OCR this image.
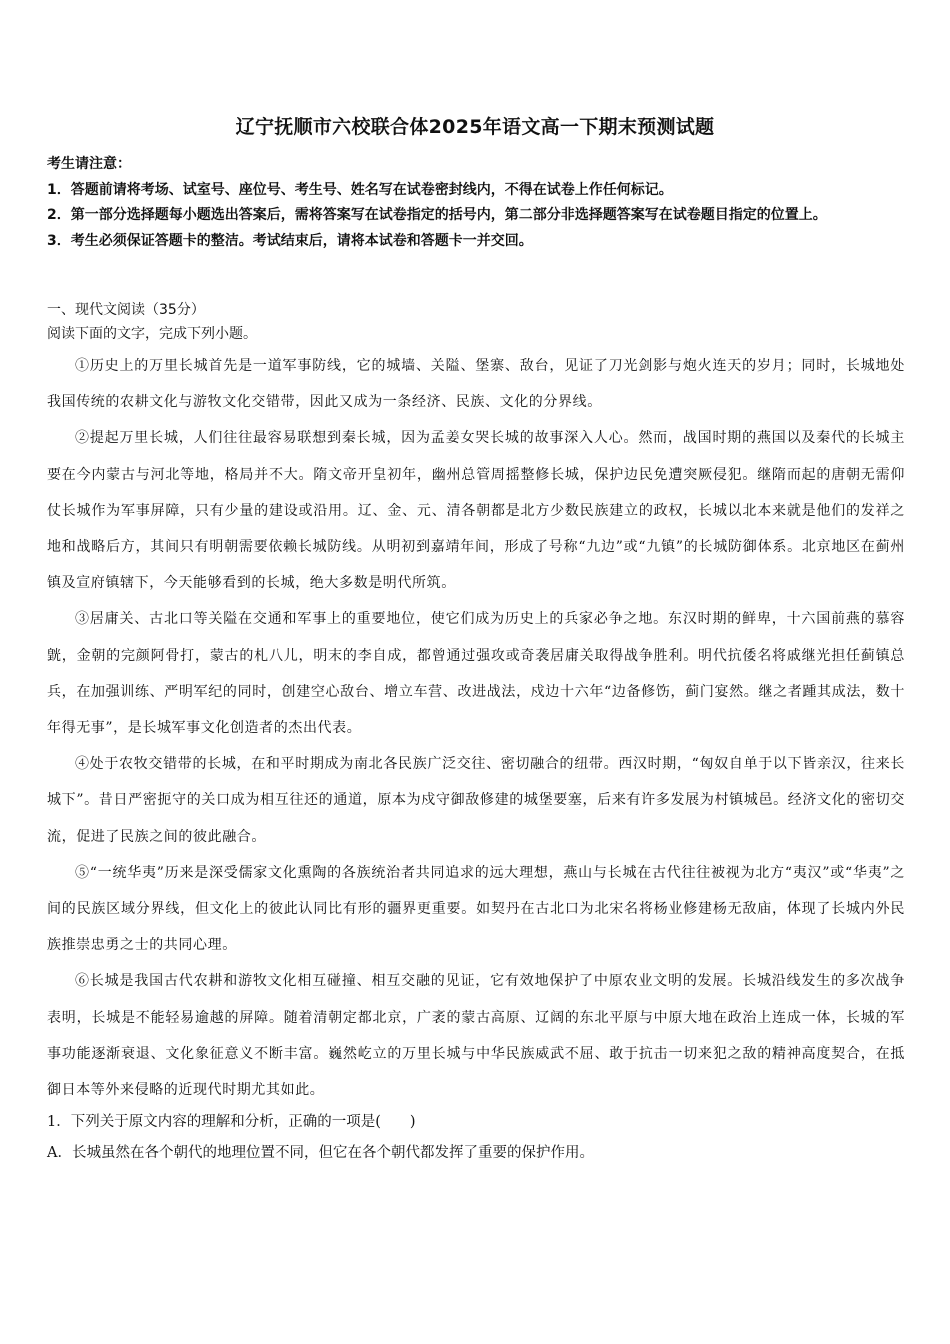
辽宁抚顺市六校联合体2025年语文高一下期末预测试题

考生请注意：

1．答题前请将考场、试室号、座位号、考生号、姓名写在试卷密封线内，不得在试卷上作任何标记。

2．第一部分选择题每小题选出答案后，需将答案写在试卷指定的括号内，第二部分非选择题答案写在试卷题目指定的位置上。

3．考生必须保证答题卡的整洁。考试结束后，请将本试卷和答题卡一并交回。

一、现代文阅读（35分）

阅读下面的文字，完成下列小题。

①历史上的万里长城首先是一道军事防线，它的城墙、关隘、堡寨、敌台，见证了刀光剑影与炮火连天的岁月；同时，长城地处我国传统的农耕文化与游牧文化交错带，因此又成为一条经济、民族、文化的分界线。

②提起万里长城，人们往往最容易联想到秦长城，因为孟姜女哭长城的故事深入人心。然而，战国时期的燕国以及秦代的长城主要在今内蒙古与河北等地，格局并不大。隋文帝开皇初年，幽州总管周摇整修长城，保护边民免遭突厥侵犯。继隋而起的唐朝无需仰仗长城作为军事屏障，只有少量的建设或沿用。辽、金、元、清各朝都是北方少数民族建立的政权，长城以北本来就是他们的发祥之地和战略后方，其间只有明朝需要依赖长城防线。从明初到嘉靖年间，形成了号称“九边”或“九镇”的长城防御体系。北京地区在蓟州镇及宣府镇辖下，今天能够看到的长城，绝大多数是明代所筑。

③居庸关、古北口等关隘在交通和军事上的重要地位，使它们成为历史上的兵家必争之地。东汉时期的鲜卑，十六国前燕的慕容皝，金朝的完颜阿骨打，蒙古的札八儿，明末的李自成，都曾通过强攻或奇袭居庸关取得战争胜利。明代抗倭名将戚继光担任蓟镇总兵，在加强训练、严明军纪的同时，创建空心敌台、增立车营、改进战法，戍边十六年“边备修饬，蓟门宴然。继之者踵其成法，数十年得无事”，是长城军事文化创造者的杰出代表。

④处于农牧交错带的长城，在和平时期成为南北各民族广泛交往、密切融合的纽带。西汉时期，“匈奴自单于以下皆亲汉，往来长城下”。昔日严密扼守的关口成为相互往还的通道，原本为戍守御敌修建的城堡要塞，后来有许多发展为村镇城邑。经济文化的密切交流，促进了民族之间的彼此融合。

⑤“一统华夷”历来是深受儒家文化熏陶的各族统治者共同追求的远大理想，燕山与长城在古代往往被视为北方“夷汉”或“华夷”之间的民族区域分界线，但文化上的彼此认同比有形的疆界更重要。如契丹在古北口为北宋名将杨业修建杨无敌庙，体现了长城内外民族推崇忠勇之士的共同心理。

⑥长城是我国古代农耕和游牧文化相互碰撞、相互交融的见证，它有效地保护了中原农业文明的发展。长城沿线发生的多次战争表明，长城是不能轻易逾越的屏障。随着清朝定都北京，广袤的蒙古高原、辽阔的东北平原与中原大地在政治上连成一体，长城的军事功能逐渐衰退、文化象征意义不断丰富。巍然屹立的万里长城与中华民族威武不屈、敢于抗击一切来犯之敌的精神高度契合，在抵御日本等外来侵略的近现代时期尤其如此。

1．下列关于原文内容的理解和分析，正确的一项是(　　)

A．长城虽然在各个朝代的地理位置不同，但它在各个朝代都发挥了重要的保护作用。
